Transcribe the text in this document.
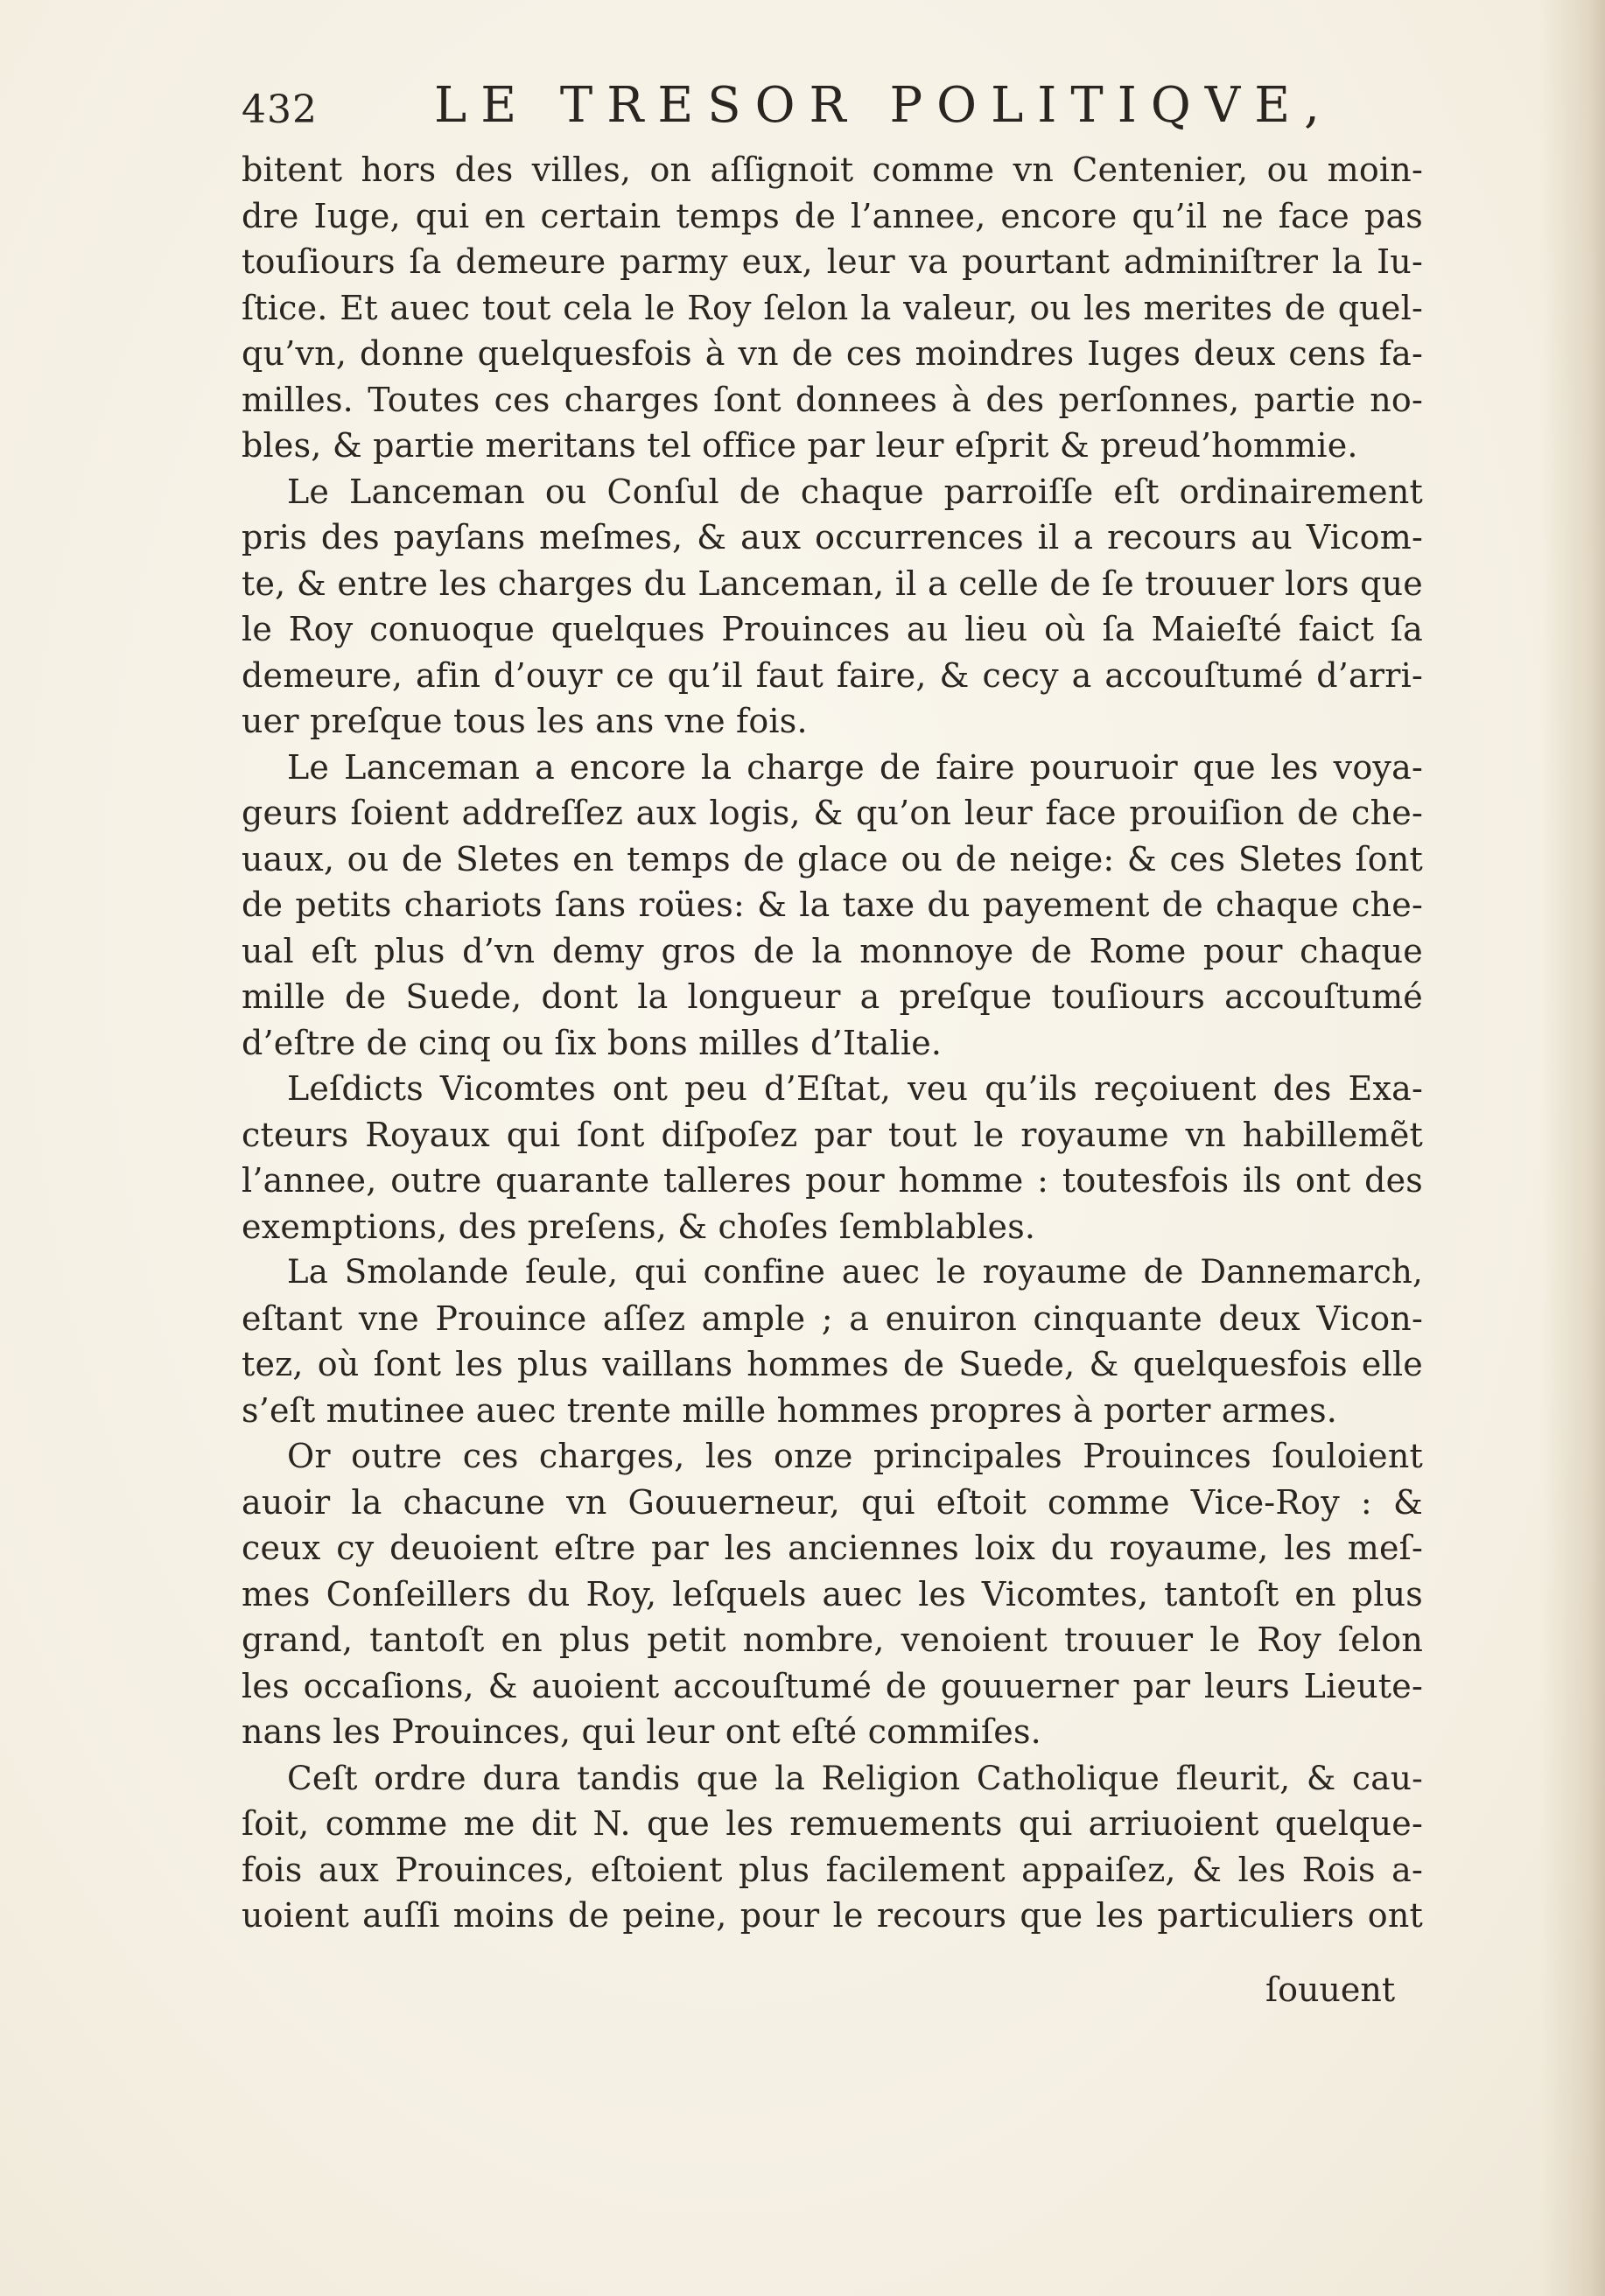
432 LE TRESOR POLITIQVE,
bitent hors des villes, on aſſignoit comme vn Centenier, ou moin-
dre Iuge, qui en certain temps de l’annee, encore qu’il ne face pas
touſiours ſa demeure parmy eux, leur va pourtant adminiſtrer la Iu-
ſtice. Et auec tout cela le Roy ſelon la valeur, ou les merites de quel-
qu’vn, donne quelquesfois à vn de ces moindres Iuges deux cens fa-
milles. Toutes ces charges ſont donnees à des perſonnes, partie no-
bles, & partie meritans tel office par leur eſprit & preud’hommie.
Le Lanceman ou Conſul de chaque parroiſſe eſt ordinairement
pris des payſans meſmes, & aux occurrences il a recours au Vicom-
te, & entre les charges du Lanceman, il a celle de ſe trouuer lors que
le Roy conuoque quelques Prouinces au lieu où ſa Maieſté faict ſa
demeure, afin d’ouyr ce qu’il faut faire, & cecy a accouſtumé d’arri-
uer preſque tous les ans vne fois.
Le Lanceman a encore la charge de faire pouruoir que les voya-
geurs ſoient addreſſez aux logis, & qu’on leur face prouiſion de che-
uaux, ou de Sletes en temps de glace ou de neige: & ces Sletes ſont
de petits chariots ſans roües: & la taxe du payement de chaque che-
ual eſt plus d’vn demy gros de la monnoye de Rome pour chaque
mille de Suede, dont la longueur a preſque touſiours accouſtumé
d’eſtre de cinq ou ſix bons milles d’Italie.
Leſdicts Vicomtes ont peu d’Eſtat, veu qu’ils reçoiuent des Exa-
cteurs Royaux qui ſont diſpoſez par tout le royaume vn habillemẽt
l’annee, outre quarante talleres pour homme : toutesfois ils ont des
exemptions, des preſens, & choſes ſemblables.
La Smolande ſeule, qui confine auec le royaume de Dannemarch,
eſtant vne Prouince aſſez ample ; a enuiron cinquante deux Vicon-
tez, où ſont les plus vaillans hommes de Suede, & quelquesfois elle
s’eſt mutinee auec trente mille hommes propres à porter armes.
Or outre ces charges, les onze principales Prouinces ſouloient
auoir la chacune vn Gouuerneur, qui eſtoit comme Vice-Roy : &
ceux cy deuoient eſtre par les anciennes loix du royaume, les meſ-
mes Conſeillers du Roy, leſquels auec les Vicomtes, tantoſt en plus
grand, tantoſt en plus petit nombre, venoient trouuer le Roy ſelon
les occaſions, & auoient accouſtumé de gouuerner par leurs Lieute-
nans les Prouinces, qui leur ont eſté commiſes.
Ceſt ordre dura tandis que la Religion Catholique fleurit, & cau-
ſoit, comme me dit N. que les remuements qui arriuoient quelque-
fois aux Prouinces, eſtoient plus facilement appaiſez, & les Rois a-
uoient auſſi moins de peine, pour le recours que les particuliers ont
ſouuent
